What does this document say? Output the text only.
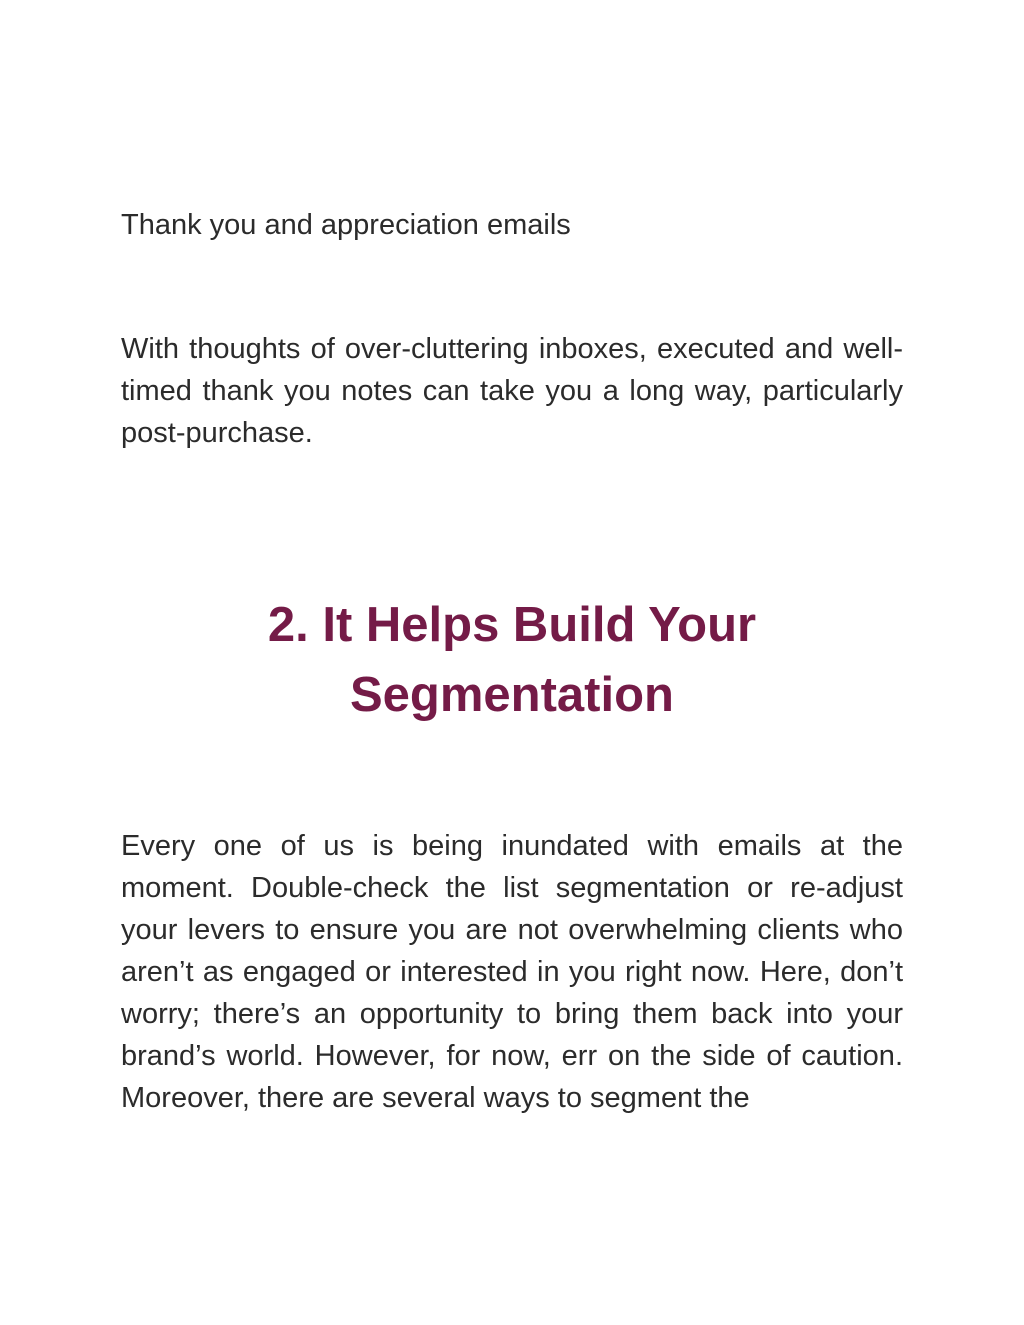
Thank you and appreciation emails

With thoughts of over-cluttering inboxes, executed and well-timed thank you notes can take you a long way, particularly post-purchase.

2. It Helps Build Your
Segmentation

Every one of us is being inundated with emails at the moment. Double-check the list segmentation or re-adjust your levers to ensure you are not overwhelming clients who aren’t as engaged or interested in you right now. Here, don’t worry; there’s an opportunity to bring them back into your brand’s world. However, for now, err on the side of caution. Moreover, there are several ways to segment the
